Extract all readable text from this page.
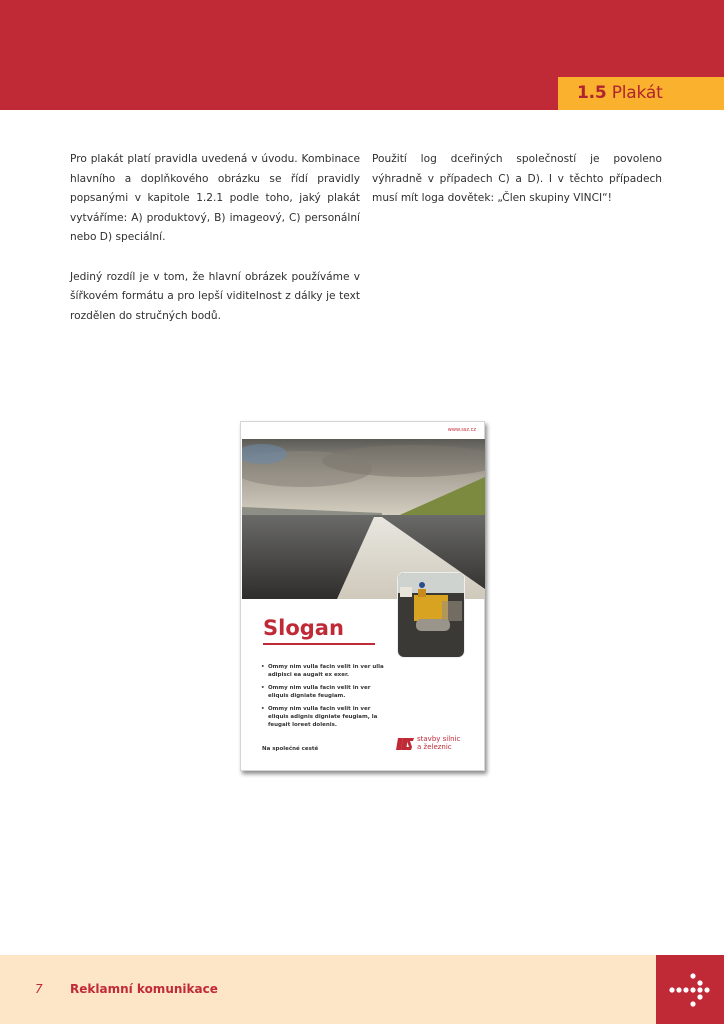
1.5 Plakát

Pro plakát platí pravidla uvedená v úvodu. Kombinace hlavního a doplňkového obrázku se řídí pravidly popsanými v kapitole 1.2.1 podle toho, jaký plakát vytváříme: A) produktový, B) imageový, C) personální nebo D) speciální.

Jediný rozdíl je v tom, že hlavní obrázek používáme v šířkovém formátu a pro lepší viditelnost z dálky je text rozdělen do stručných bodů.

Použití log dceřiných společností je povoleno výhradně v případech C) a D). I v těchto případech musí mít loga dovětek: „Člen skupiny VINCI“!

www.ssz.cz
Slogan
• Ommy nim vulla facin velit in ver ulla adipisci ea augait ex exer.
• Ommy nim vulla facin velit in ver eliquis digniate feugiam.
• Ommy nim vulla facin velit in ver eliquis adignis digniate feugiam, la feugait loreet dolenis.
Na společné cestě
stavby silnic
a železnic
7 Reklamní komunikace
